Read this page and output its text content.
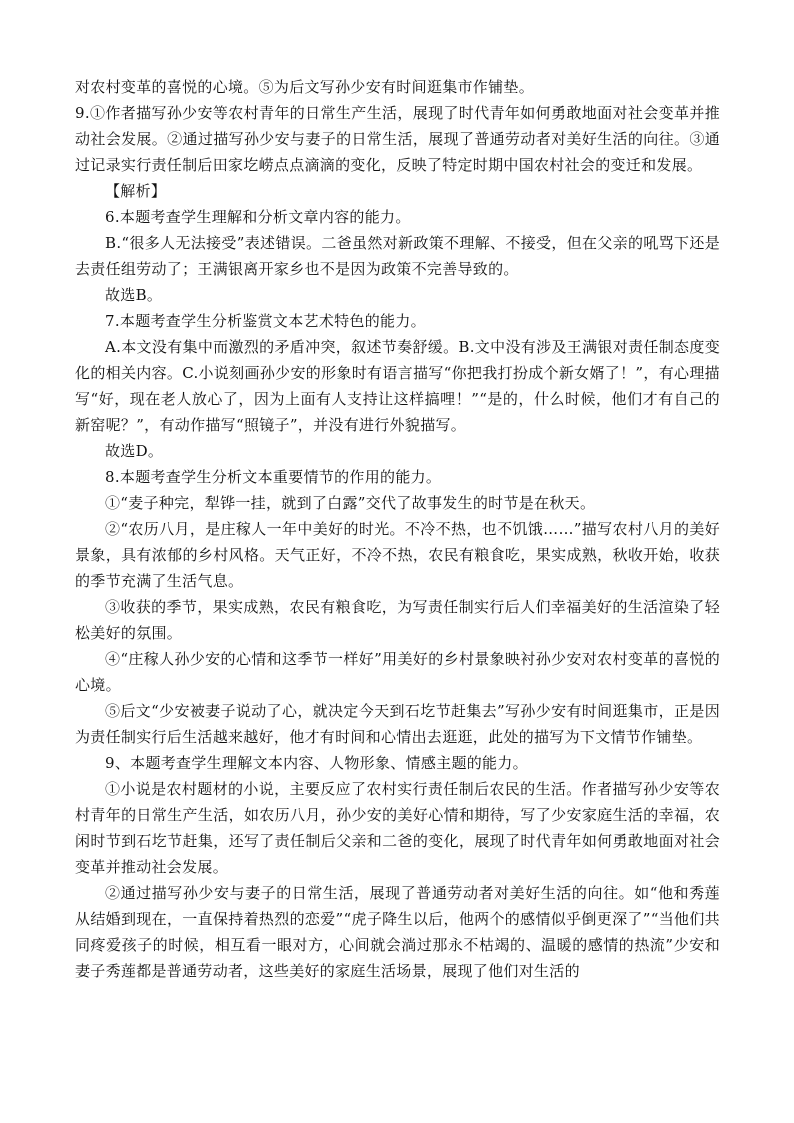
对农村变革的喜悦的心境。⑤为后文写孙少安有时间逛集市作铺垫。

9.①作者描写孙少安等农村青年的日常生产生活，展现了时代青年如何勇敢地面对社会变革并推动社会发展。②通过描写孙少安与妻子的日常生活，展现了普通劳动者对美好生活的向往。③通过记录实行责任制后田家圪崂点点滴滴的变化，反映了特定时期中国农村社会的变迁和发展。

【解析】

6.本题考查学生理解和分析文章内容的能力。

B.“很多人无法接受”表述错误。二爸虽然对新政策不理解、不接受，但在父亲的吼骂下还是去责任组劳动了；王满银离开家乡也不是因为政策不完善导致的。

故选B。

7.本题考查学生分析鉴赏文本艺术特色的能力。

A.本文没有集中而激烈的矛盾冲突，叙述节奏舒缓。B.文中没有涉及王满银对责任制态度变化的相关内容。C.小说刻画孙少安的形象时有语言描写“你把我打扮成个新女婿了！”，有心理描写“好，现在老人放心了，因为上面有人支持让这样搞哩！”“是的，什么时候，他们才有自己的新窑呢？”，有动作描写“照镜子”，并没有进行外貌描写。

故选D。

8.本题考查学生分析文本重要情节的作用的能力。

①“麦子种完，犁铧一挂，就到了白露”交代了故事发生的时节是在秋天。

②“农历八月，是庄稼人一年中美好的时光。不冷不热，也不饥饿……”描写农村八月的美好景象，具有浓郁的乡村风格。天气正好，不冷不热，农民有粮食吃，果实成熟，秋收开始，收获的季节充满了生活气息。

③收获的季节，果实成熟，农民有粮食吃，为写责任制实行后人们幸福美好的生活渲染了轻松美好的氛围。

④“庄稼人孙少安的心情和这季节一样好”用美好的乡村景象映衬孙少安对农村变革的喜悦的心境。

⑤后文“少安被妻子说动了心，就决定今天到石圪节赶集去”写孙少安有时间逛集市，正是因为责任制实行后生活越来越好，他才有时间和心情出去逛逛，此处的描写为下文情节作铺垫。

9、本题考查学生理解文本内容、人物形象、情感主题的能力。

①小说是农村题材的小说，主要反应了农村实行责任制后农民的生活。作者描写孙少安等农村青年的日常生产生活，如农历八月，孙少安的美好心情和期待，写了少安家庭生活的幸福，农闲时节到石圪节赶集，还写了责任制后父亲和二爸的变化，展现了时代青年如何勇敢地面对社会变革并推动社会发展。

②通过描写孙少安与妻子的日常生活，展现了普通劳动者对美好生活的向往。如“他和秀莲从结婚到现在，一直保持着热烈的恋爱”“虎子降生以后，他两个的感情似乎倒更深了”“当他们共同疼爱孩子的时候，相互看一眼对方，心间就会淌过那永不枯竭的、温暖的感情的热流”少安和妻子秀莲都是普通劳动者，这些美好的家庭生活场景，展现了他们对生活的
